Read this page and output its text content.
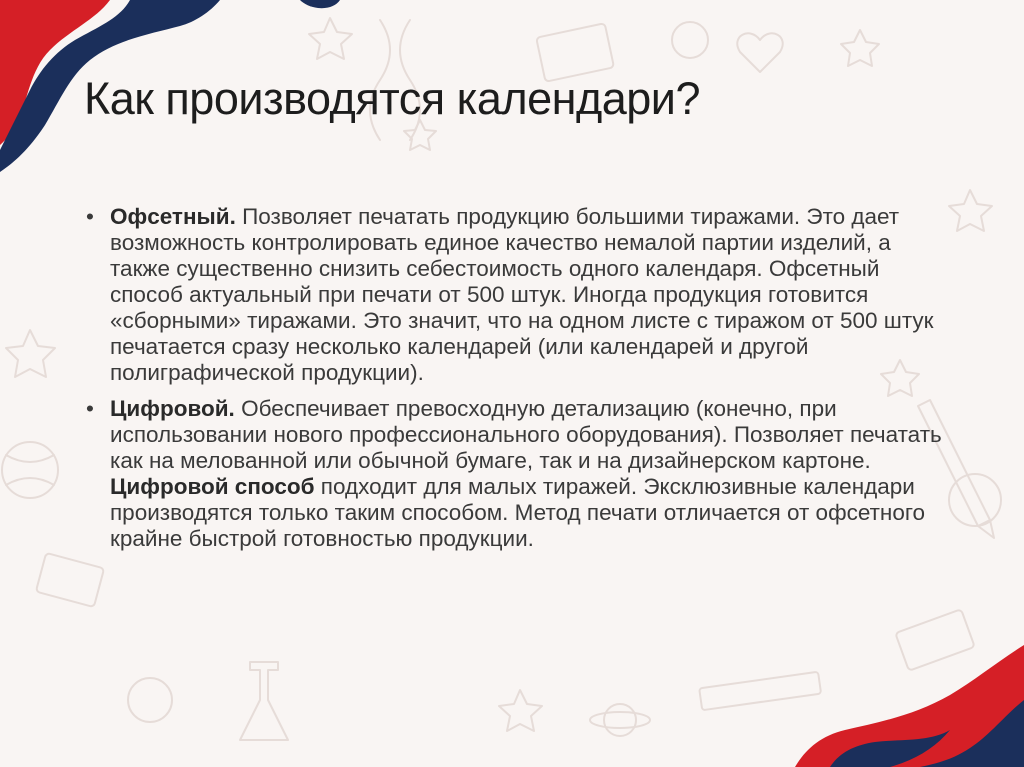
Как производятся календари?
• Офсетный. Позволяет печатать продукцию большими тиражами. Это дает возможность контролировать единое качество немалой партии изделий, а также существенно снизить себестоимость одного календаря. Офсетный способ актуальный при печати от 500 штук. Иногда продукция готовится «сборными» тиражами. Это значит, что на одном листе с тиражом от 500 штук печатается сразу несколько календарей (или календарей и другой полиграфической продукции).
• Цифровой. Обеспечивает превосходную детализацию (конечно, при использовании нового профессионального оборудования). Позволяет печатать как на мелованной или обычной бумаге, так и на дизайнерском картоне. Цифровой способ подходит для малых тиражей. Эксклюзивные календари производятся только таким способом. Метод печати отличается от офсетного крайне быстрой готовностью продукции.
